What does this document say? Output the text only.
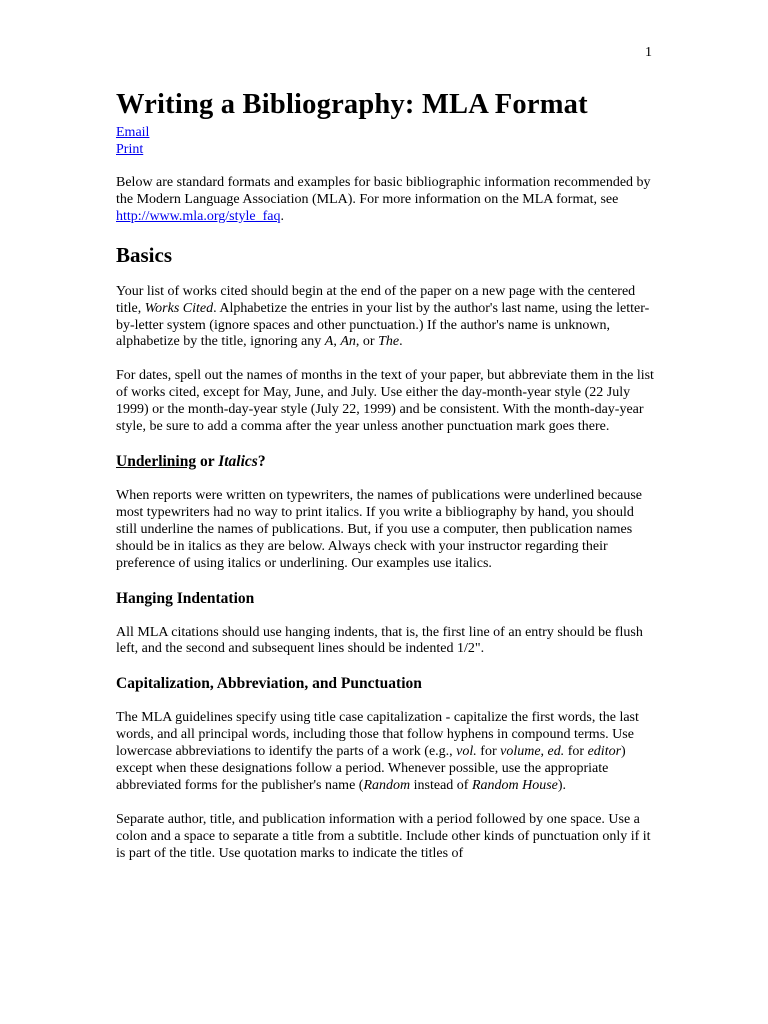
1
Writing a Bibliography: MLA Format
Email
Print

Below are standard formats and examples for basic bibliographic information recommended by the Modern Language Association (MLA). For more information on the MLA format, see http://www.mla.org/style_faq.

Basics

Your list of works cited should begin at the end of the paper on a new page with the centered title, Works Cited. Alphabetize the entries in your list by the author's last name, using the letter-by-letter system (ignore spaces and other punctuation.) If the author's name is unknown, alphabetize by the title, ignoring any A, An, or The.

For dates, spell out the names of months in the text of your paper, but abbreviate them in the list of works cited, except for May, June, and July. Use either the day-month-year style (22 July 1999) or the month-day-year style (July 22, 1999) and be consistent. With the month-day-year style, be sure to add a comma after the year unless another punctuation mark goes there.

Underlining or Italics?

When reports were written on typewriters, the names of publications were underlined because most typewriters had no way to print italics. If you write a bibliography by hand, you should still underline the names of publications. But, if you use a computer, then publication names should be in italics as they are below. Always check with your instructor regarding their preference of using italics or underlining. Our examples use italics.

Hanging Indentation

All MLA citations should use hanging indents, that is, the first line of an entry should be flush left, and the second and subsequent lines should be indented 1/2".

Capitalization, Abbreviation, and Punctuation

The MLA guidelines specify using title case capitalization - capitalize the first words, the last words, and all principal words, including those that follow hyphens in compound terms. Use lowercase abbreviations to identify the parts of a work (e.g., vol. for volume, ed. for editor) except when these designations follow a period. Whenever possible, use the appropriate abbreviated forms for the publisher's name (Random instead of Random House).

Separate author, title, and publication information with a period followed by one space. Use a colon and a space to separate a title from a subtitle. Include other kinds of punctuation only if it is part of the title. Use quotation marks to indicate the titles of
